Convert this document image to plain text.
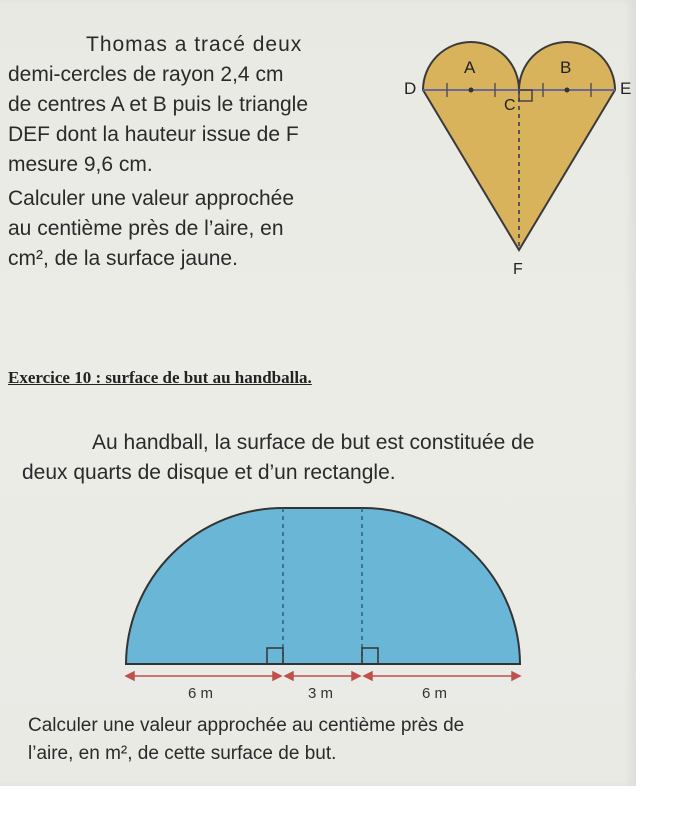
Thomas a tracé deux
demi-cercles de rayon 2,4 cm
de centres A et B puis le triangle
DEF dont la hauteur issue de F
mesure 9,6 cm.
Calculer une valeur approchée
au centième près de l’aire, en
cm², de la surface jaune.
A	B
C
D	E
F
Exercice 10 : surface de but au handballa.
Au handball, la surface de but est constituée de
deux quarts de disque et d’un rectangle.
6 m	3 m	6 m
Calculer une valeur approchée au centième près de
l’aire, en m², de cette surface de but.
